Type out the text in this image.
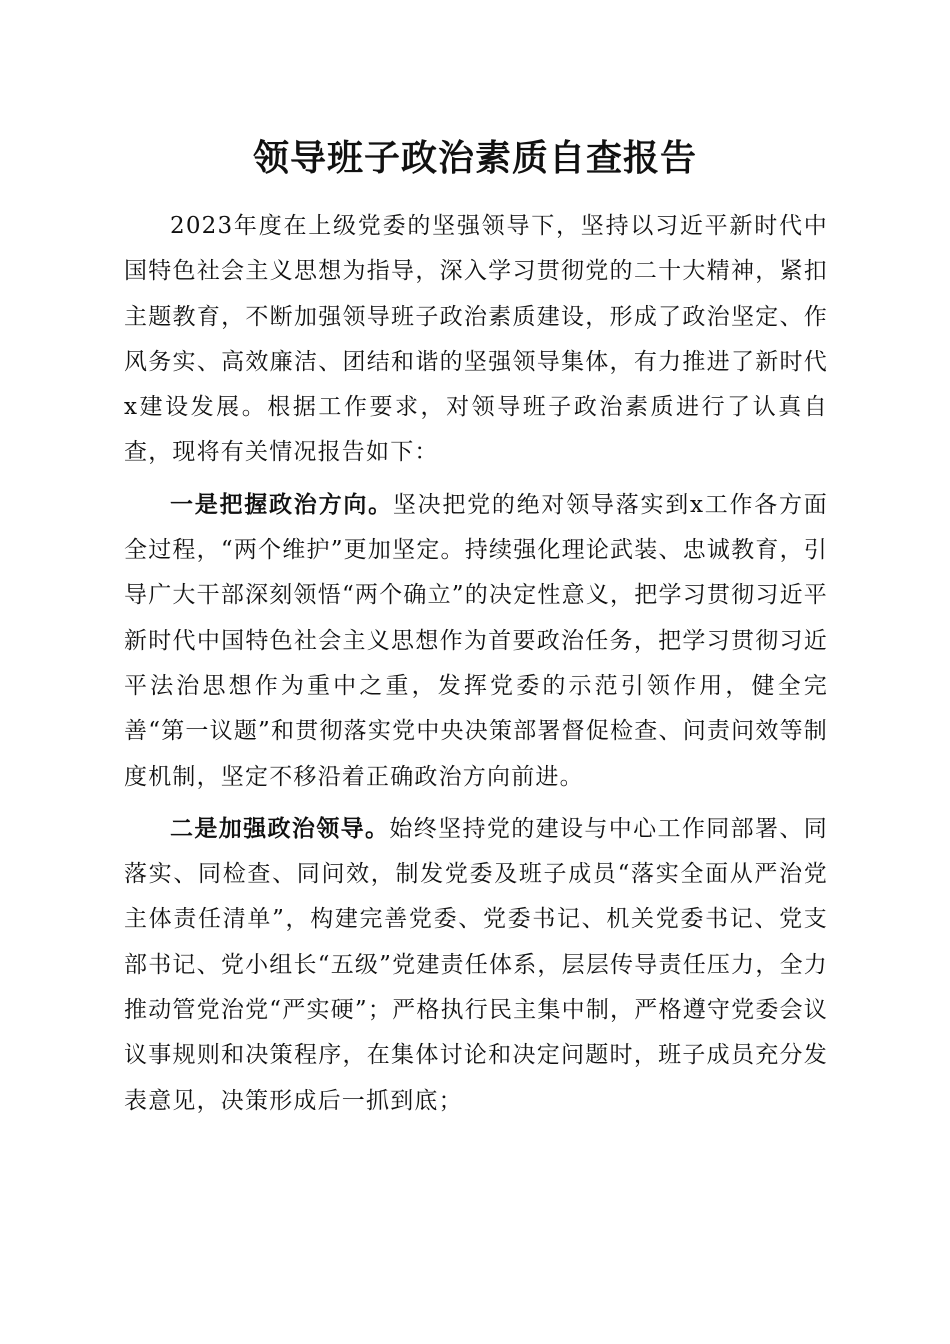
领导班子政治素质自查报告

2023年度在上级党委的坚强领导下，坚持以习近平新时代中国特色社会主义思想为指导，深入学习贯彻党的二十大精神，紧扣主题教育，不断加强领导班子政治素质建设，形成了政治坚定、作风务实、高效廉洁、团结和谐的坚强领导集体，有力推进了新时代x建设发展。根据工作要求，对领导班子政治素质进行了认真自查，现将有关情况报告如下：

一是把握政治方向。坚决把党的绝对领导落实到x工作各方面全过程，“两个维护”更加坚定。持续强化理论武装、忠诚教育，引导广大干部深刻领悟“两个确立”的决定性意义，把学习贯彻习近平新时代中国特色社会主义思想作为首要政治任务，把学习贯彻习近平法治思想作为重中之重，发挥党委的示范引领作用，健全完善“第一议题”和贯彻落实党中央决策部署督促检查、问责问效等制度机制，坚定不移沿着正确政治方向前进。

二是加强政治领导。始终坚持党的建设与中心工作同部署、同落实、同检查、同问效，制发党委及班子成员“落实全面从严治党主体责任清单”，构建完善党委、党委书记、机关党委书记、党支部书记、党小组长“五级”党建责任体系，层层传导责任压力，全力推动管党治党“严实硬”；严格执行民主集中制，严格遵守党委会议议事规则和决策程序，在集体讨论和决定问题时，班子成员充分发表意见，决策形成后一抓到底；
